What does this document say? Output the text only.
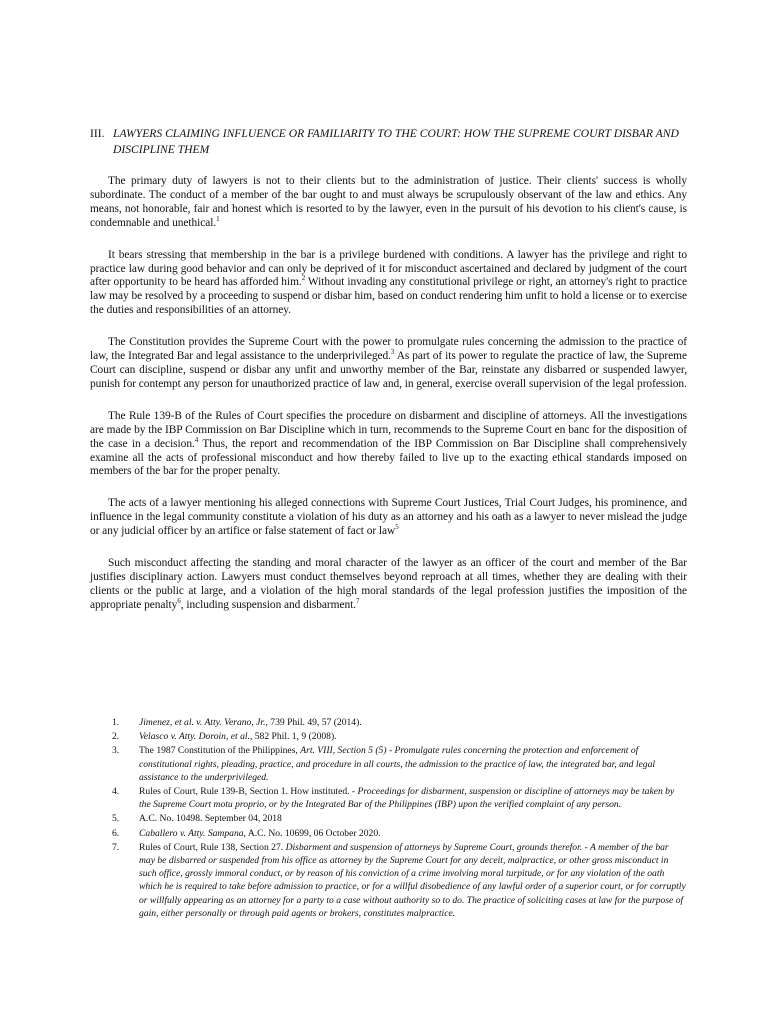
III. LAWYERS CLAIMING INFLUENCE OR FAMILIARITY TO THE COURT: HOW THE SUPREME COURT DISBAR AND DISCIPLINE THEM

The primary duty of lawyers is not to their clients but to the administration of justice. Their clients' success is wholly subordinate. The conduct of a member of the bar ought to and must always be scrupulously observant of the law and ethics. Any means, not honorable, fair and honest which is resorted to by the lawyer, even in the pursuit of his devotion to his client's cause, is condemnable and unethical.$^1$

It bears stressing that membership in the bar is a privilege burdened with conditions. A lawyer has the privilege and right to practice law during good behavior and can only be deprived of it for misconduct ascertained and declared by judgment of the court after opportunity to be heard has afforded him.$^2$ Without invading any constitutional privilege or right, an attorney's right to practice law may be resolved by a proceeding to suspend or disbar him, based on conduct rendering him unfit to hold a license or to exercise the duties and responsibilities of an attorney.

The Constitution provides the Supreme Court with the power to promulgate rules concerning the admission to the practice of law, the Integrated Bar and legal assistance to the underprivileged.$^3$ As part of its power to regulate the practice of law, the Supreme Court can discipline, suspend or disbar any unfit and unworthy member of the Bar, reinstate any disbarred or suspended lawyer, punish for contempt any person for unauthorized practice of law and, in general, exercise overall supervision of the legal profession.

The Rule 139-B of the Rules of Court specifies the procedure on disbarment and discipline of attorneys. All the investigations are made by the IBP Commission on Bar Discipline which in turn, recommends to the Supreme Court en banc for the disposition of the case in a decision.$^4$ Thus, the report and recommendation of the IBP Commission on Bar Discipline shall comprehensively examine all the acts of professional misconduct and how thereby failed to live up to the exacting ethical standards imposed on members of the bar for the proper penalty.

The acts of a lawyer mentioning his alleged connections with Supreme Court Justices, Trial Court Judges, his prominence, and influence in the legal community constitute a violation of his duty as an attorney and his oath as a lawyer to never mislead the judge or any judicial officer by an artifice or false statement of fact or law$^5$

Such misconduct affecting the standing and moral character of the lawyer as an officer of the court and member of the Bar justifies disciplinary action. Lawyers must conduct themselves beyond reproach at all times, whether they are dealing with their clients or the public at large, and a violation of the high moral standards of the legal profession justifies the imposition of the appropriate penalty$^6$, including suspension and disbarment.$^7$

1.	Jimenez, et al. v. Atty. Verano, Jr., 739 Phil. 49, 57 (2014).
2.	Velasco v. Atty. Doroin, et al., 582 Phil. 1, 9 (2008).
3.	The 1987 Constitution of the Philippines, Art. VIII, Section 5 (5) - Promulgate rules concerning the protection and enforcement of constitutional rights, pleading, practice, and procedure in all courts, the admission to the practice of law, the integrated bar, and legal assistance to the underprivileged.
4.	Rules of Court, Rule 139-B, Section 1. How instituted. - Proceedings for disbarment, suspension or discipline of attorneys may be taken by the Supreme Court motu proprio, or by the Integrated Bar of the Philippines (IBP) upon the verified complaint of any person.
5.	A.C. No. 10498. September 04, 2018
6.	Caballero v. Atty. Sampana, A.C. No. 10699, 06 October 2020.
7.	Rules of Court, Rule 138, Section 27. Disbarment and suspension of attorneys by Supreme Court, grounds therefor. - A member of the bar may be disbarred or suspended from his office as attorney by the Supreme Court for any deceit, malpractice, or other gross misconduct in such office, grossly immoral conduct, or by reason of his conviction of a crime involving moral turpitude, or for any violation of the oath which he is required to take before admission to practice, or for a willful disobedience of any lawful order of a superior court, or for corruptly or willfully appearing as an attorney for a party to a case without authority so to do. The practice of soliciting cases at law for the purpose of gain, either personally or through paid agents or brokers, constitutes malpractice.
